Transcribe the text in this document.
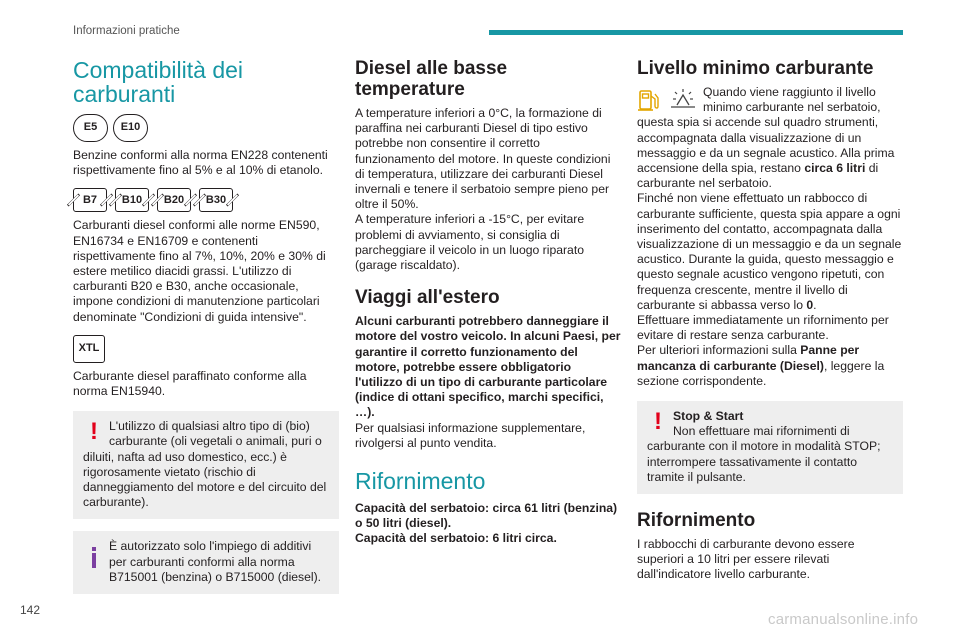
Informazioni pratiche
Compatibilità dei carburanti
E5	E10

Benzine conformi alla norma EN228 contenenti rispettivamente fino al 5% e al 10% di etanolo.

B7	B10	B20	B30

Carburanti diesel conformi alle norme EN590, EN16734 e EN16709 e contenenti rispettivamente fino al 7%, 10%, 20% e 30% di estere metilico diacidi grassi. L'utilizzo di carburanti B20 e B30, anche occasionale, impone condizioni di manutenzione particolari denominate "Condizioni di guida intensive".

XTL

Carburante diesel paraffinato conforme alla norma EN15940.

! L'utilizzo di qualsiasi altro tipo di (bio) carburante (oli vegetali o animali, puri o diluiti, nafta ad uso domestico, ecc.) è rigorosamente vietato (rischio di danneggiamento del motore e del circuito del carburante).

È autorizzato solo l'impiego di additivi per carburanti conformi alla norma B715001 (benzina) o B715000 (diesel).

Diesel alle basse temperature

A temperature inferiori a 0°C, la formazione di paraffina nei carburanti Diesel di tipo estivo potrebbe non consentire il corretto funzionamento del motore. In queste condizioni di temperatura, utilizzare dei carburanti Diesel invernali e tenere il serbatoio sempre pieno per oltre il 50%.

A temperature inferiori a -15°C, per evitare problemi di avviamento, si consiglia di parcheggiare il veicolo in un luogo riparato (garage riscaldato).

Viaggi all'estero

Alcuni carburanti potrebbero danneggiare il motore del vostro veicolo. In alcuni Paesi, per garantire il corretto funzionamento del motore, potrebbe essere obbligatorio l'utilizzo di un tipo di carburante particolare (indice di ottani specifico, marchi specifici, …).

Per qualsiasi informazione supplementare, rivolgersi al punto vendita.

Rifornimento

Capacità del serbatoio: circa 61 litri (benzina) o 50 litri (diesel).

Capacità del serbatoio: 6 litri circa.

Livello minimo carburante

Quando viene raggiunto il livello minimo carburante nel serbatoio, questa spia si accende sul quadro strumenti, accompagnata dalla visualizzazione di un messaggio e da un segnale acustico. Alla prima accensione della spia, restano circa 6 litri di carburante nel serbatoio.

Finché non viene effettuato un rabbocco di carburante sufficiente, questa spia appare a ogni inserimento del contatto, accompagnata dalla visualizzazione di un messaggio e da un segnale acustico. Durante la guida, questo messaggio e questo segnale acustico vengono ripetuti, con frequenza crescente, mentre il livello di carburante si abbassa verso lo 0.

Effettuare immediatamente un rifornimento per evitare di restare senza carburante.

Per ulteriori informazioni sulla Panne per mancanza di carburante (Diesel), leggere la sezione corrispondente.

! Stop & Start

Non effettuare mai rifornimenti di carburante con il motore in modalità STOP; interrompere tassativamente il contatto tramite il pulsante.

Rifornimento

I rabbocchi di carburante devono essere superiori a 10 litri per essere rilevati dall'indicatore livello carburante.

142
carmanualsonline.info
